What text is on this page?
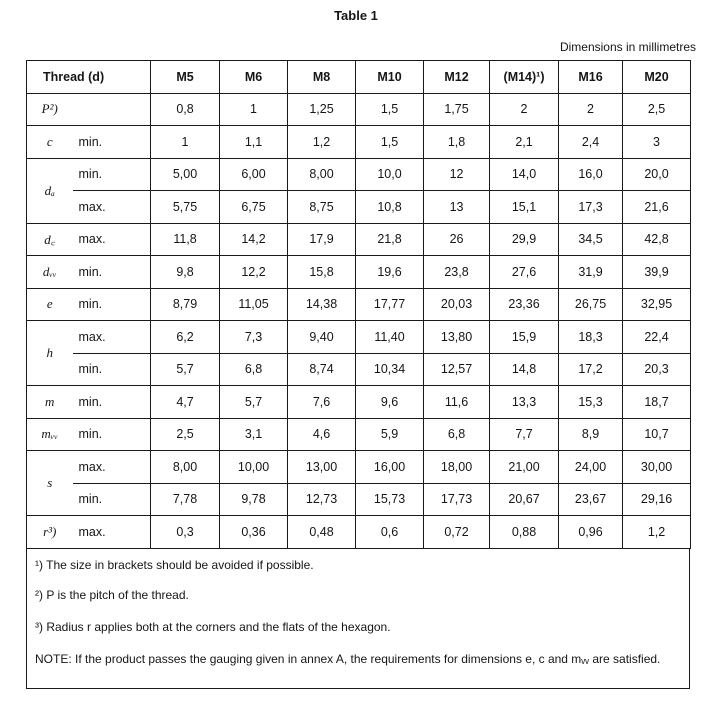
Table 1
Dimensions in millimetres
Thread (d)		M5	M6	M8	M10	M12	(M14)¹)	M16	M20
P²)		0,8	1	1,25	1,5	1,75	2	2	2,5
c	min.	1	1,1	1,2	1,5	1,8	2,1	2,4	3
dₐ	min.	5,00	6,00	8,00	10,0	12	14,0	16,0	20,0
	max.	5,75	6,75	8,75	10,8	13	15,1	17,3	21,6
d꜀	max.	11,8	14,2	17,9	21,8	26	29,9	34,5	42,8
dᵥᵥ	min.	9,8	12,2	15,8	19,6	23,8	27,6	31,9	39,9
e	min.	8,79	11,05	14,38	17,77	20,03	23,36	26,75	32,95
h	max.	6,2	7,3	9,40	11,40	13,80	15,9	18,3	22,4
	min.	5,7	6,8	8,74	10,34	12,57	14,8	17,2	20,3
m	min.	4,7	5,7	7,6	9,6	11,6	13,3	15,3	18,7
mᵥᵥ	min.	2,5	3,1	4,6	5,9	6,8	7,7	8,9	10,7
s	max.	8,00	10,00	13,00	16,00	18,00	21,00	24,00	30,00
	min.	7,78	9,78	12,73	15,73	17,73	20,67	23,67	29,16
r³)	max.	0,3	0,36	0,48	0,6	0,72	0,88	0,96	1,2
¹) The size in brackets should be avoided if possible.
²) P is the pitch of the thread.
³) Radius r applies both at the corners and the flats of the hexagon.
NOTE: If the product passes the gauging given in annex A, the requirements for dimensions e, c and mᵥᵥ are satisfied.
